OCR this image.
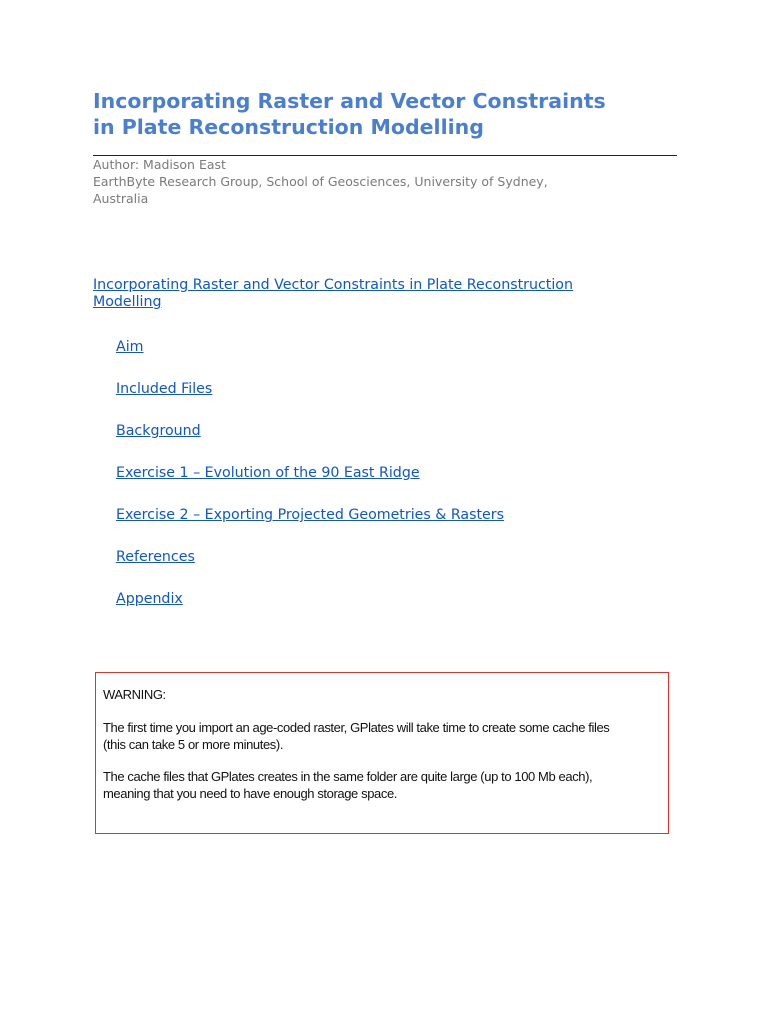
Incorporating Raster and Vector Constraints
in Plate Reconstruction Modelling
Author: Madison East
EarthByte Research Group, School of Geosciences, University of Sydney,
Australia
Incorporating Raster and Vector Constraints in Plate Reconstruction
Modelling
Aim
Included Files
Background
Exercise 1 – Evolution of the 90 East Ridge
Exercise 2 – Exporting Projected Geometries & Rasters
References
Appendix
WARNING:
The first time you import an age-coded raster, GPlates will take time to create some cache files
(this can take 5 or more minutes).
The cache files that GPlates creates in the same folder are quite large (up to 100 Mb each),
meaning that you need to have enough storage space.
